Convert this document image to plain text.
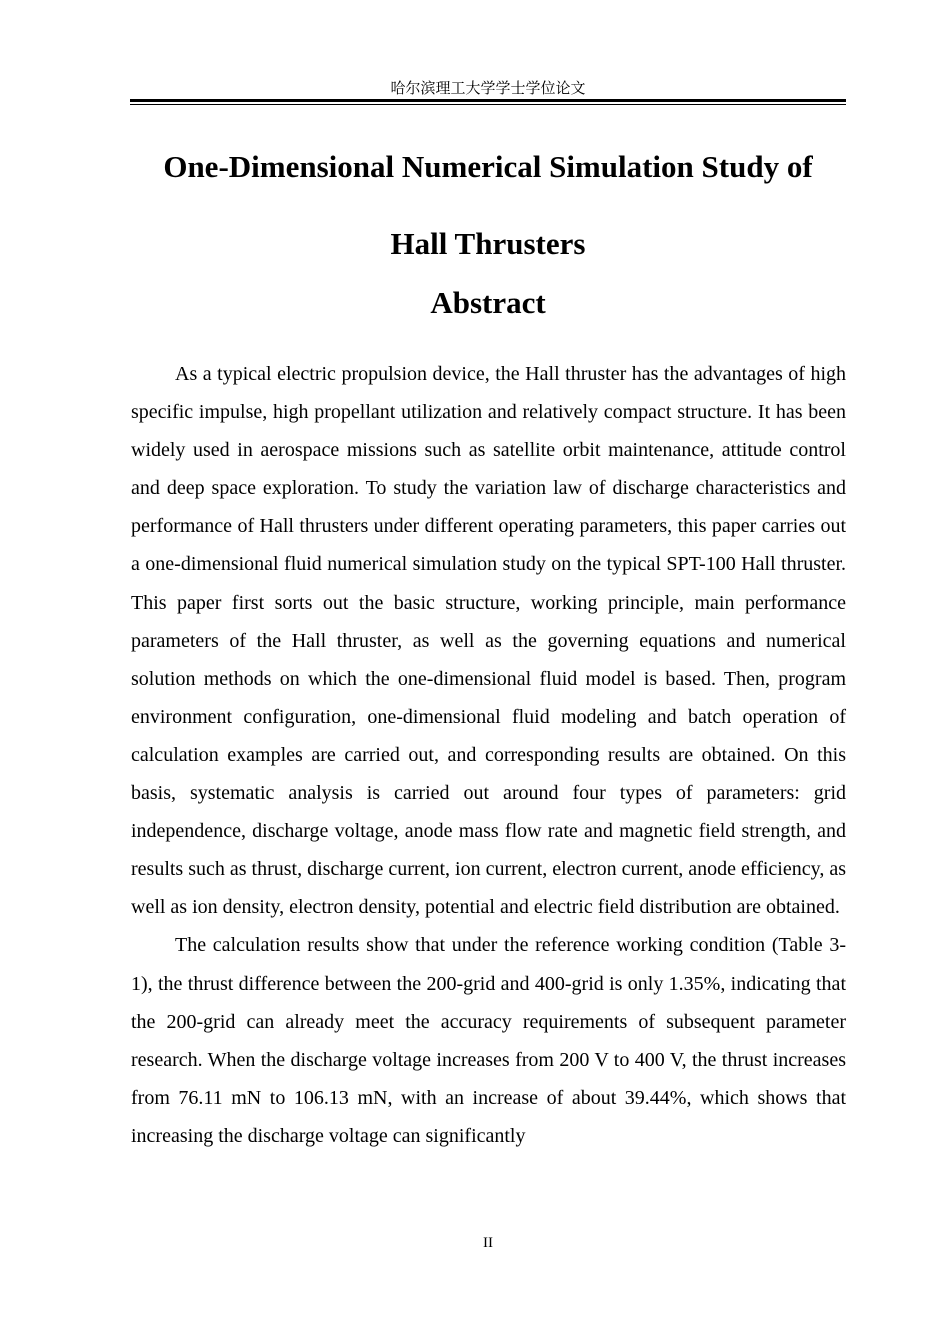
哈尔滨理工大学学士学位论文
One-Dimensional Numerical Simulation Study of
Hall Thrusters
Abstract

As a typical electric propulsion device, the Hall thruster has the advantages of high specific impulse, high propellant utilization and relatively compact structure. It has been widely used in aerospace missions such as satellite orbit maintenance, attitude control and deep space exploration. To study the variation law of discharge characteristics and performance of Hall thrusters under different operating parameters, this paper carries out a one-dimensional fluid numerical simulation study on the typical SPT-100 Hall thruster. This paper first sorts out the basic structure, working principle, main performance parameters of the Hall thruster, as well as the governing equations and numerical solution methods on which the one-dimensional fluid model is based. Then, program environment configuration, one-dimensional fluid modeling and batch operation of calculation examples are carried out, and corresponding results are obtained. On this basis, systematic analysis is carried out around four types of parameters: grid independence, discharge voltage, anode mass flow rate and magnetic field strength, and results such as thrust, discharge current, ion current, electron current, anode efficiency, as well as ion density, electron density, potential and electric field distribution are obtained.

The calculation results show that under the reference working condition (Table 3-1), the thrust difference between the 200-grid and 400-grid is only 1.35%, indicating that the 200-grid can already meet the accuracy requirements of subsequent parameter research. When the discharge voltage increases from 200 V to 400 V, the thrust increases from 76.11 mN to 106.13 mN, with an increase of about 39.44%, which shows that increasing the discharge voltage can significantly

II
